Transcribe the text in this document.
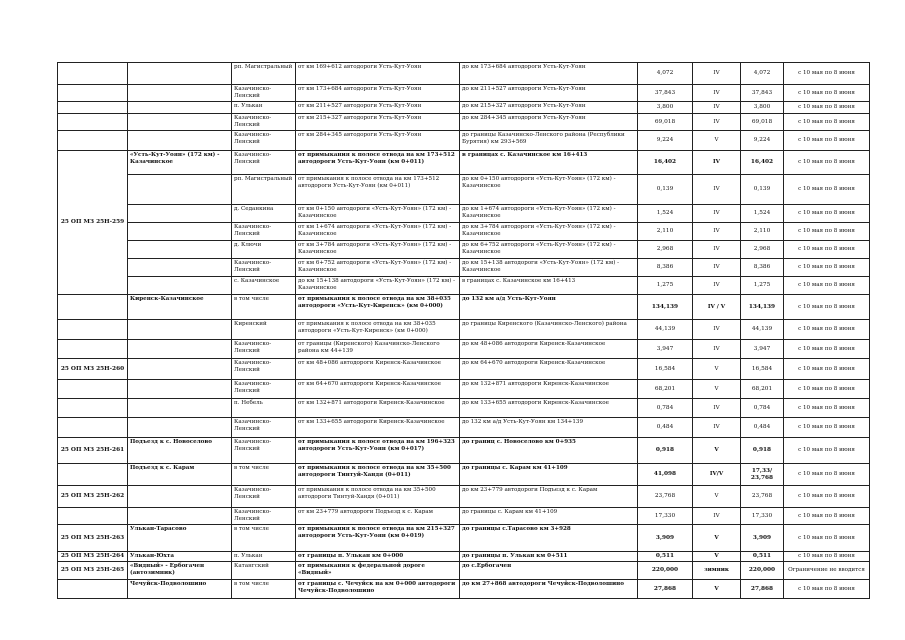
		рп. Магистральный	от км 169+612 автодороги Усть-Кут-Уоян	до км 173+684 автодороги Усть-Кут-Уоян	4,072	IV	4,072	с 10 мая по 8 июня
		Казачинско-Ленский	от км 173+684 автодороги Усть-Кут-Уоян	до км 211+527 автодороги Усть-Кут-Уоян	37,843	IV	37,843	с 10 мая по 8 июня
		п. Улькан	от км 211+527 автодороги Усть-Кут-Уоян	до км 215+327 автодороги Усть-Кут-Уоян	3,800	IV	3,800	с 10 мая по 8 июня
		Казачинско-Ленский	от км 215+327 автодороги Усть-Кут-Уоян	до км 284+345 автодороги Усть-Кут-Уоян	69,018	IV	69,018	с 10 мая по 8 июня
		Казачинско-Ленский	от км 284+345 автодороги Усть-Кут-Уоян	до границы Казачинско-Ленского района (Республики Бурятия) км 293+569	9,224	V	9,224	с 10 мая по 8 июня
25 ОП МЗ 25Н-259	«Усть-Кут-Уоян» (172 км) - Казачинское	Казачинско-Ленский	от примыкания к полосе отвода на км 173+512 автодороги Усть-Кут-Уоян (км 0+011)	в границах с. Казачинское км 16+413	16,402	IV	16,402	с 10 мая по 8 июня
		рп. Магистральный	от примыкания к полосе отвода на км 173+512 автодороги Усть-Кут-Уоян (км 0+011)	до км 0+150 автодороги «Усть-Кут-Уоян» (172 км) - Казачинское	0,139	IV	0,139	с 10 мая по 8 июня
		д. Седанкина	от км 0+150 автодороги «Усть-Кут-Уоян» (172 км) - Казачинское	до км 1+674 автодороги «Усть-Кут-Уоян» (172 км) - Казачинское	1,524	IV	1,524	с 10 мая по 8 июня
		Казачинско-Ленский	от км 1+674 автодороги «Усть-Кут-Уоян» (172 км) - Казачинское	до км 3+784 автодороги «Усть-Кут-Уоян» (172 км) - Казачинское	2,110	IV	2,110	с 10 мая по 8 июня
		д. Ключи	от км 3+784 автодороги «Усть-Кут-Уоян» (172 км) - Казачинское	до км 6+752 автодороги «Усть-Кут-Уоян» (172 км) - Казачинское	2,968	IV	2,968	с 10 мая по 8 июня
		Казачинско-Ленский	от км 6+752 автодороги «Усть-Кут-Уоян» (172 км) - Казачинское	до км 15+138 автодороги «Усть-Кут-Уоян» (172 км) - Казачинское	8,386	IV	8,386	с 10 мая по 8 июня
		с. Казачинское	до км 15+138 автодороги «Усть-Кут-Уоян» (172 км) - Казачинское	в границах с. Казачинское км 16+413	1,275	IV	1,275	с 10 мая по 8 июня
	Киренск-Казачинское	в том числе	от примыкания к полосе отвода на км 38+035 автодороги «Усть-Кут-Киренск» (км 0+000)	до 132 км а/д Усть-Кут-Уоян	134,139	IV / V	134,139	с 10 мая по 8 июня
		Киренский	от примыкания к полосе отвода на км 38+035 автодороги «Усть-Кут-Киренск» (км 0+000)	до границы Киренского (Казачинско-Ленского) района	44,139	IV	44,139	с 10 мая по 8 июня
		Казачинско-Ленский	от границы (Киренского) Казачинско-Ленского района км 44+139	до км 48+086 автодороги Киренск-Казачинское	3,947	IV	3,947	с 10 мая по 8 июня
25 ОП МЗ 25Н-260		Казачинско-Ленский	от км 48+086 автодороги Киренск-Казачинское	до км 64+670 автодороги Киренск-Казачинское	16,584	V	16,584	с 10 мая по 8 июня
		Казачинско-Ленский	от км 64+670 автодороги Киренск-Казачинское	до км 132+871 автодороги Киренск-Казачинское	68,201	V	68,201	с 10 мая по 8 июня
		п. Небель	от км 132+871 автодороги Киренск-Казачинское	до км 133+655 автодороги Киренск-Казачинское	0,784	IV	0,784	с 10 мая по 8 июня
		Казачинско-Ленский	от км 133+655 автодороги Киренск-Казачинское	до 132 км а/д Усть-Кут-Уоян км 134+139	0,484	IV	0,484	с 10 мая по 8 июня
25 ОП МЗ 25Н-261	Подъезд к с. Новоселово	Казачинско-Ленский	от примыкания к полосе отвода на км 196+323 автодороги Усть-Кут-Уоян (км 0+017)	до границ с. Новоселово км 0+935	0,918	V	0,918	с 10 мая по 8 июня
	Подъезд к с. Карам	в том числе	от примыкания к полосе отвода на км 35+500 автодороги Тинтуй-Хандя (0+011)	до границы с. Карам км 41+109	41,098	IV/V	17,33/ 23,768	с 10 мая по 8 июня
25 ОП МЗ 25Н-262		Казачинско-Ленский	от примыкания к полосе отвода на км 35+500 автодороги Тинтуй-Хандя (0+011)	до км 23+779 автодороги Подъезд к с. Карам	23,768	V	23,768	с 10 мая по 8 июня
		Казачинско-Ленский	от км 23+779 автодороги Подъезд к с. Карам	до границы с. Карам км 41+109	17,330	IV	17,330	с 10 мая по 8 июня
25 ОП МЗ 25Н-263	Улькан-Тарасово	в том числе	от примыкания к полосе отвода на км 215+327 автодороги Усть-Кут-Уоян (км 0+019)	до границы с.Тарасово км 3+928	3,909	V	3,909	с 10 мая по 8 июня
25 ОП МЗ 25Н-264	Улькан-Юхта	п. Улькан	от границы п. Улькан км 0+000	до границы п. Улькан км 0+511	0,511	V	0,511	с 10 мая по 8 июня
25 ОП МЗ 25Н-265	«Видный» - Ербогачен (автозимник)	Катангский	от примыкания к федеральной дороге «Видный»	до с.Ербогачен	220,000	зимник	220,000	Ограничение не вводится
	Чечуйск-Подволошино	в том числе	от границы с. Чечуйск на км 0+000 автодороги Чечуйск-Подволошино	до км 27+868 автодороги Чечуйск-Подволошино	27,868	V	27,868	с 10 мая по 8 июня
